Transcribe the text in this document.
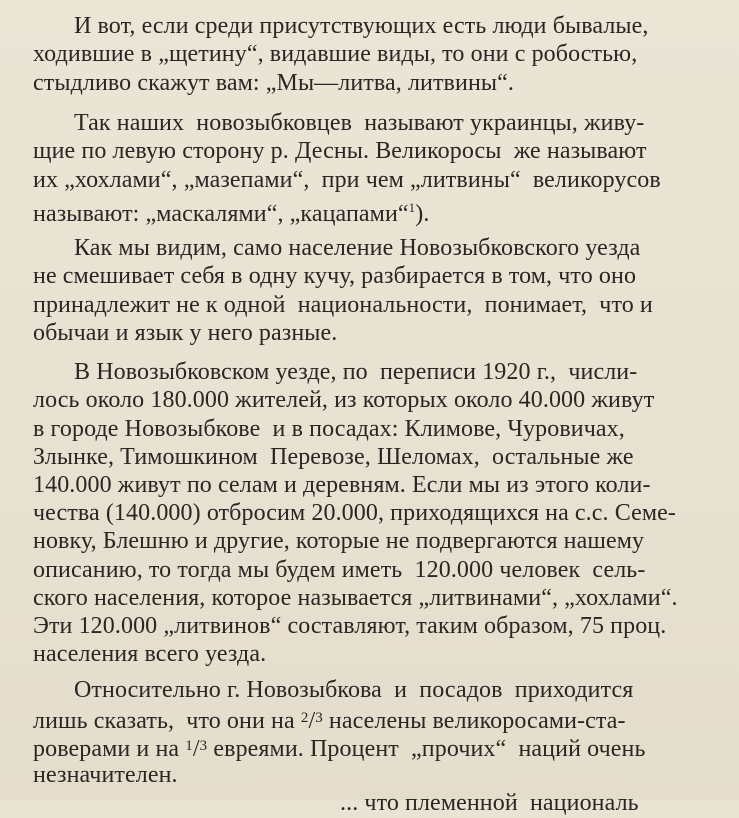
И вот, если среди присутствующих есть люди бывалые,
ходившие в „щетину“, видавшие виды, то они с робостью,
стыдливо скажут вам: „Мы—литва, литвины“.
Так наших  новозыбковцев  называют украинцы, живу-
щие по левую сторону р. Десны. Великоросы  же называют
их „хохлами“, „мазепами“,  при чем „литвины“  великорусов
называют: „маскалями“, „кацапами“$^1$).
Как мы видим, само население Новозыбковского уезда
не смешивает себя в одну кучу, разбирается в том, что оно
принадлежит не к одной  национальности,  понимает,  что и
обычаи и язык у него разные.
В Новозыбковском уезде, по  переписи 1920 г.,  числи-
лось около 180.000 жителей, из которых около 40.000 живут
в городе Новозыбкове  и в посадах: Климове, Чуровичах,
Злынке, Тимошкином  Перевозе, Шеломах,  остальные же
140.000 живут по селам и деревням. Если мы из этого коли-
чества (140.000) отбросим 20.000, приходящихся на с.с. Семе-
новку, Блешню и другие, которые не подвергаются нашему
описанию, то тогда мы будем иметь  120.000 человек  сель-
ского населения, которое называется „литвинами“, „хохлами“.
Эти 120.000 „литвинов“ составляют, таким образом, 75 проц.
населения всего уезда.
Относительно г. Новозыбкова  и  посадов  приходится
лишь сказать,  что они на $^2$/$^3$ населены великоросами-ста-
роверами и на $^1$/$^3$ евреями. Процент  „прочих“  наций очень
незначителен.
... что племенной  националь
